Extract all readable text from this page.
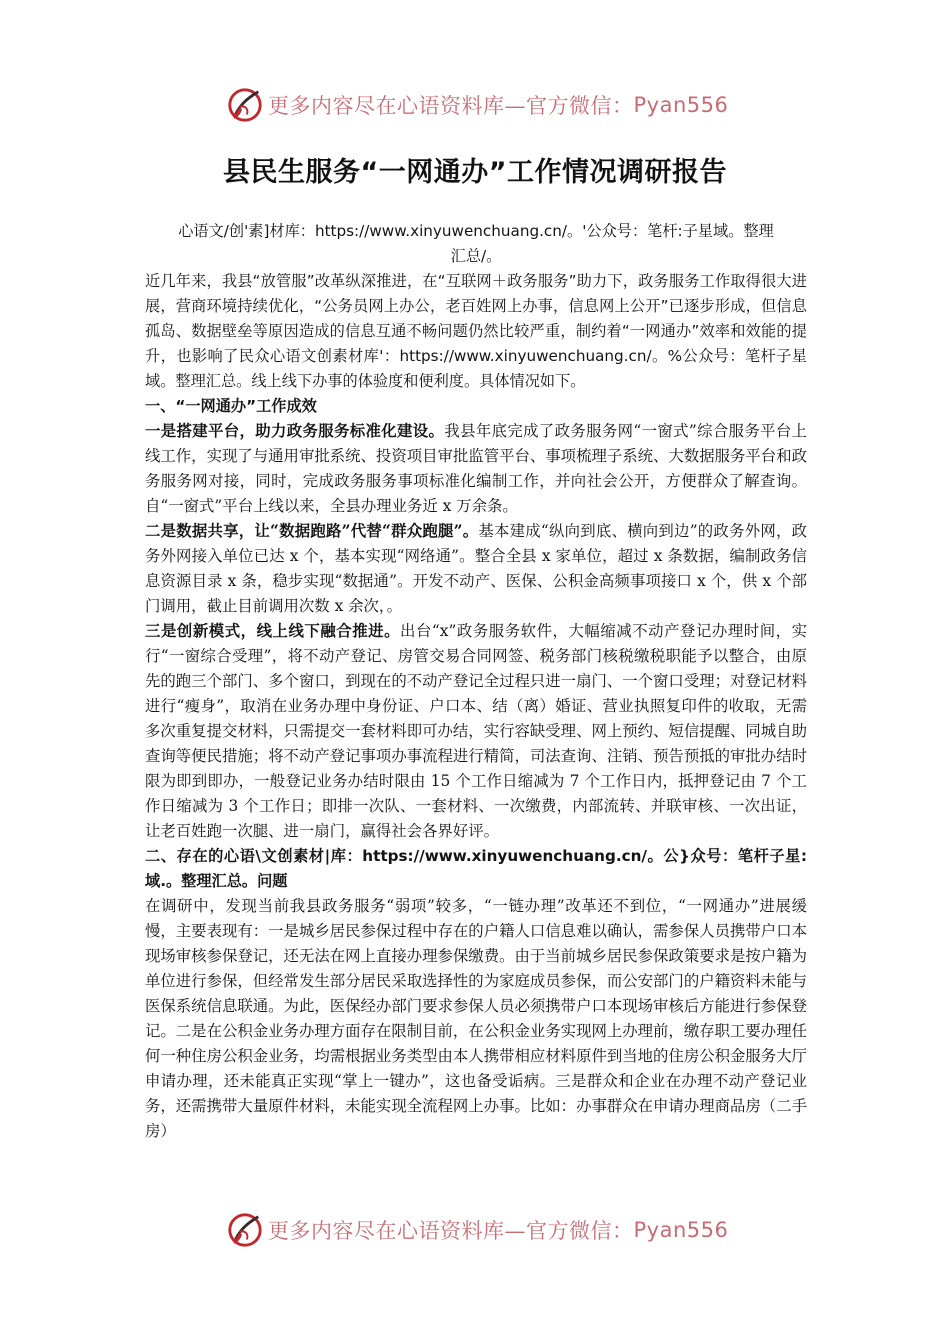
更多内容尽在心语资料库—官方微信： Pyan556
县民生服务“一网通办”工作情况调研报告

心语文/创'素]材库：https://www.xinyuwenchuang.cn/。'公众号：笔杆:子星域。整理

汇总/。

近几年来，我县“放管服”改革纵深推进，在“互联网＋政务服务”助力下，政务服务工作取得很大进展，营商环境持续优化，“公务员网上办公，老百姓网上办事，信息网上公开”已逐步形成，但信息孤岛、数据壁垒等原因造成的信息互通不畅问题仍然比较严重，制约着“一网通办”效率和效能的提升，也影响了民众心语文创素材库'：https://www.xinyuwenchuang.cn/。%公众号：笔杆子星域。整理汇总。线上线下办事的体验度和便利度。具体情况如下。

一、“一网通办”工作成效

一是搭建平台，助力政务服务标准化建设。我县年底完成了政务服务网“一窗式”综合服务平台上线工作，实现了与通用审批系统、投资项目审批监管平台、事项梳理子系统、大数据服务平台和政务服务网对接，同时，完成政务服务事项标准化编制工作，并向社会公开，方便群众了解查询。自“一窗式”平台上线以来，全县办理业务近 x 万余条。

二是数据共享，让“数据跑路”代替“群众跑腿”。基本建成“纵向到底、横向到边”的政务外网，政务外网接入单位已达 x 个，基本实现“网络通”。整合全县 x 家单位，超过 x 条数据，编制政务信息资源目录 x 条，稳步实现“数据通”。开发不动产、医保、公积金高频事项接口 x 个，供 x 个部门调用，截止目前调用次数 x 余次，。

三是创新模式，线上线下融合推进。出台“x”政务服务软件，大幅缩减不动产登记办理时间，实行“一窗综合受理”，将不动产登记、房管交易合同网签、税务部门核税缴税职能予以整合，由原先的跑三个部门、多个窗口，到现在的不动产登记全过程只进一扇门、一个窗口受理；对登记材料进行“瘦身”，取消在业务办理中身份证、户口本、结（离）婚证、营业执照复印件的收取，无需多次重复提交材料，只需提交一套材料即可办结，实行容缺受理、网上预约、短信提醒、同城自助查询等便民措施；将不动产登记事项办事流程进行精简，司法查询、注销、预告预抵的审批办结时限为即到即办，一般登记业务办结时限由 15 个工作日缩减为 7 个工作日内，抵押登记由 7 个工作日缩减为 3 个工作日；即排一次队、一套材料、一次缴费，内部流转、并联审核、一次出证，让老百姓跑一次腿、进一扇门，赢得社会各界好评。

二、存在的心语\文创素材|库：https://www.xinyuwenchuang.cn/。公}众号：笔杆子星:域.。整理汇总。问题

在调研中，发现当前我县政务服务“弱项”较多，“一链办理”改革还不到位，“一网通办”进展缓慢，主要表现有：一是城乡居民参保过程中存在的户籍人口信息难以确认，需参保人员携带户口本现场审核参保登记，还无法在网上直接办理参保缴费。由于当前城乡居民参保政策要求是按户籍为单位进行参保，但经常发生部分居民采取选择性的为家庭成员参保，而公安部门的户籍资料未能与医保系统信息联通。为此，医保经办部门要求参保人员必须携带户口本现场审核后方能进行参保登记。二是在公积金业务办理方面存在限制目前，在公积金业务实现网上办理前，缴存职工要办理任何一种住房公积金业务，均需根据业务类型由本人携带相应材料原件到当地的住房公积金服务大厅申请办理，还未能真正实现“掌上一键办”，这也备受诟病。三是群众和企业在办理不动产登记业务，还需携带大量原件材料，未能实现全流程网上办事。比如：办事群众在申请办理商品房（二手房）

更多内容尽在心语资料库—官方微信： Pyan556
